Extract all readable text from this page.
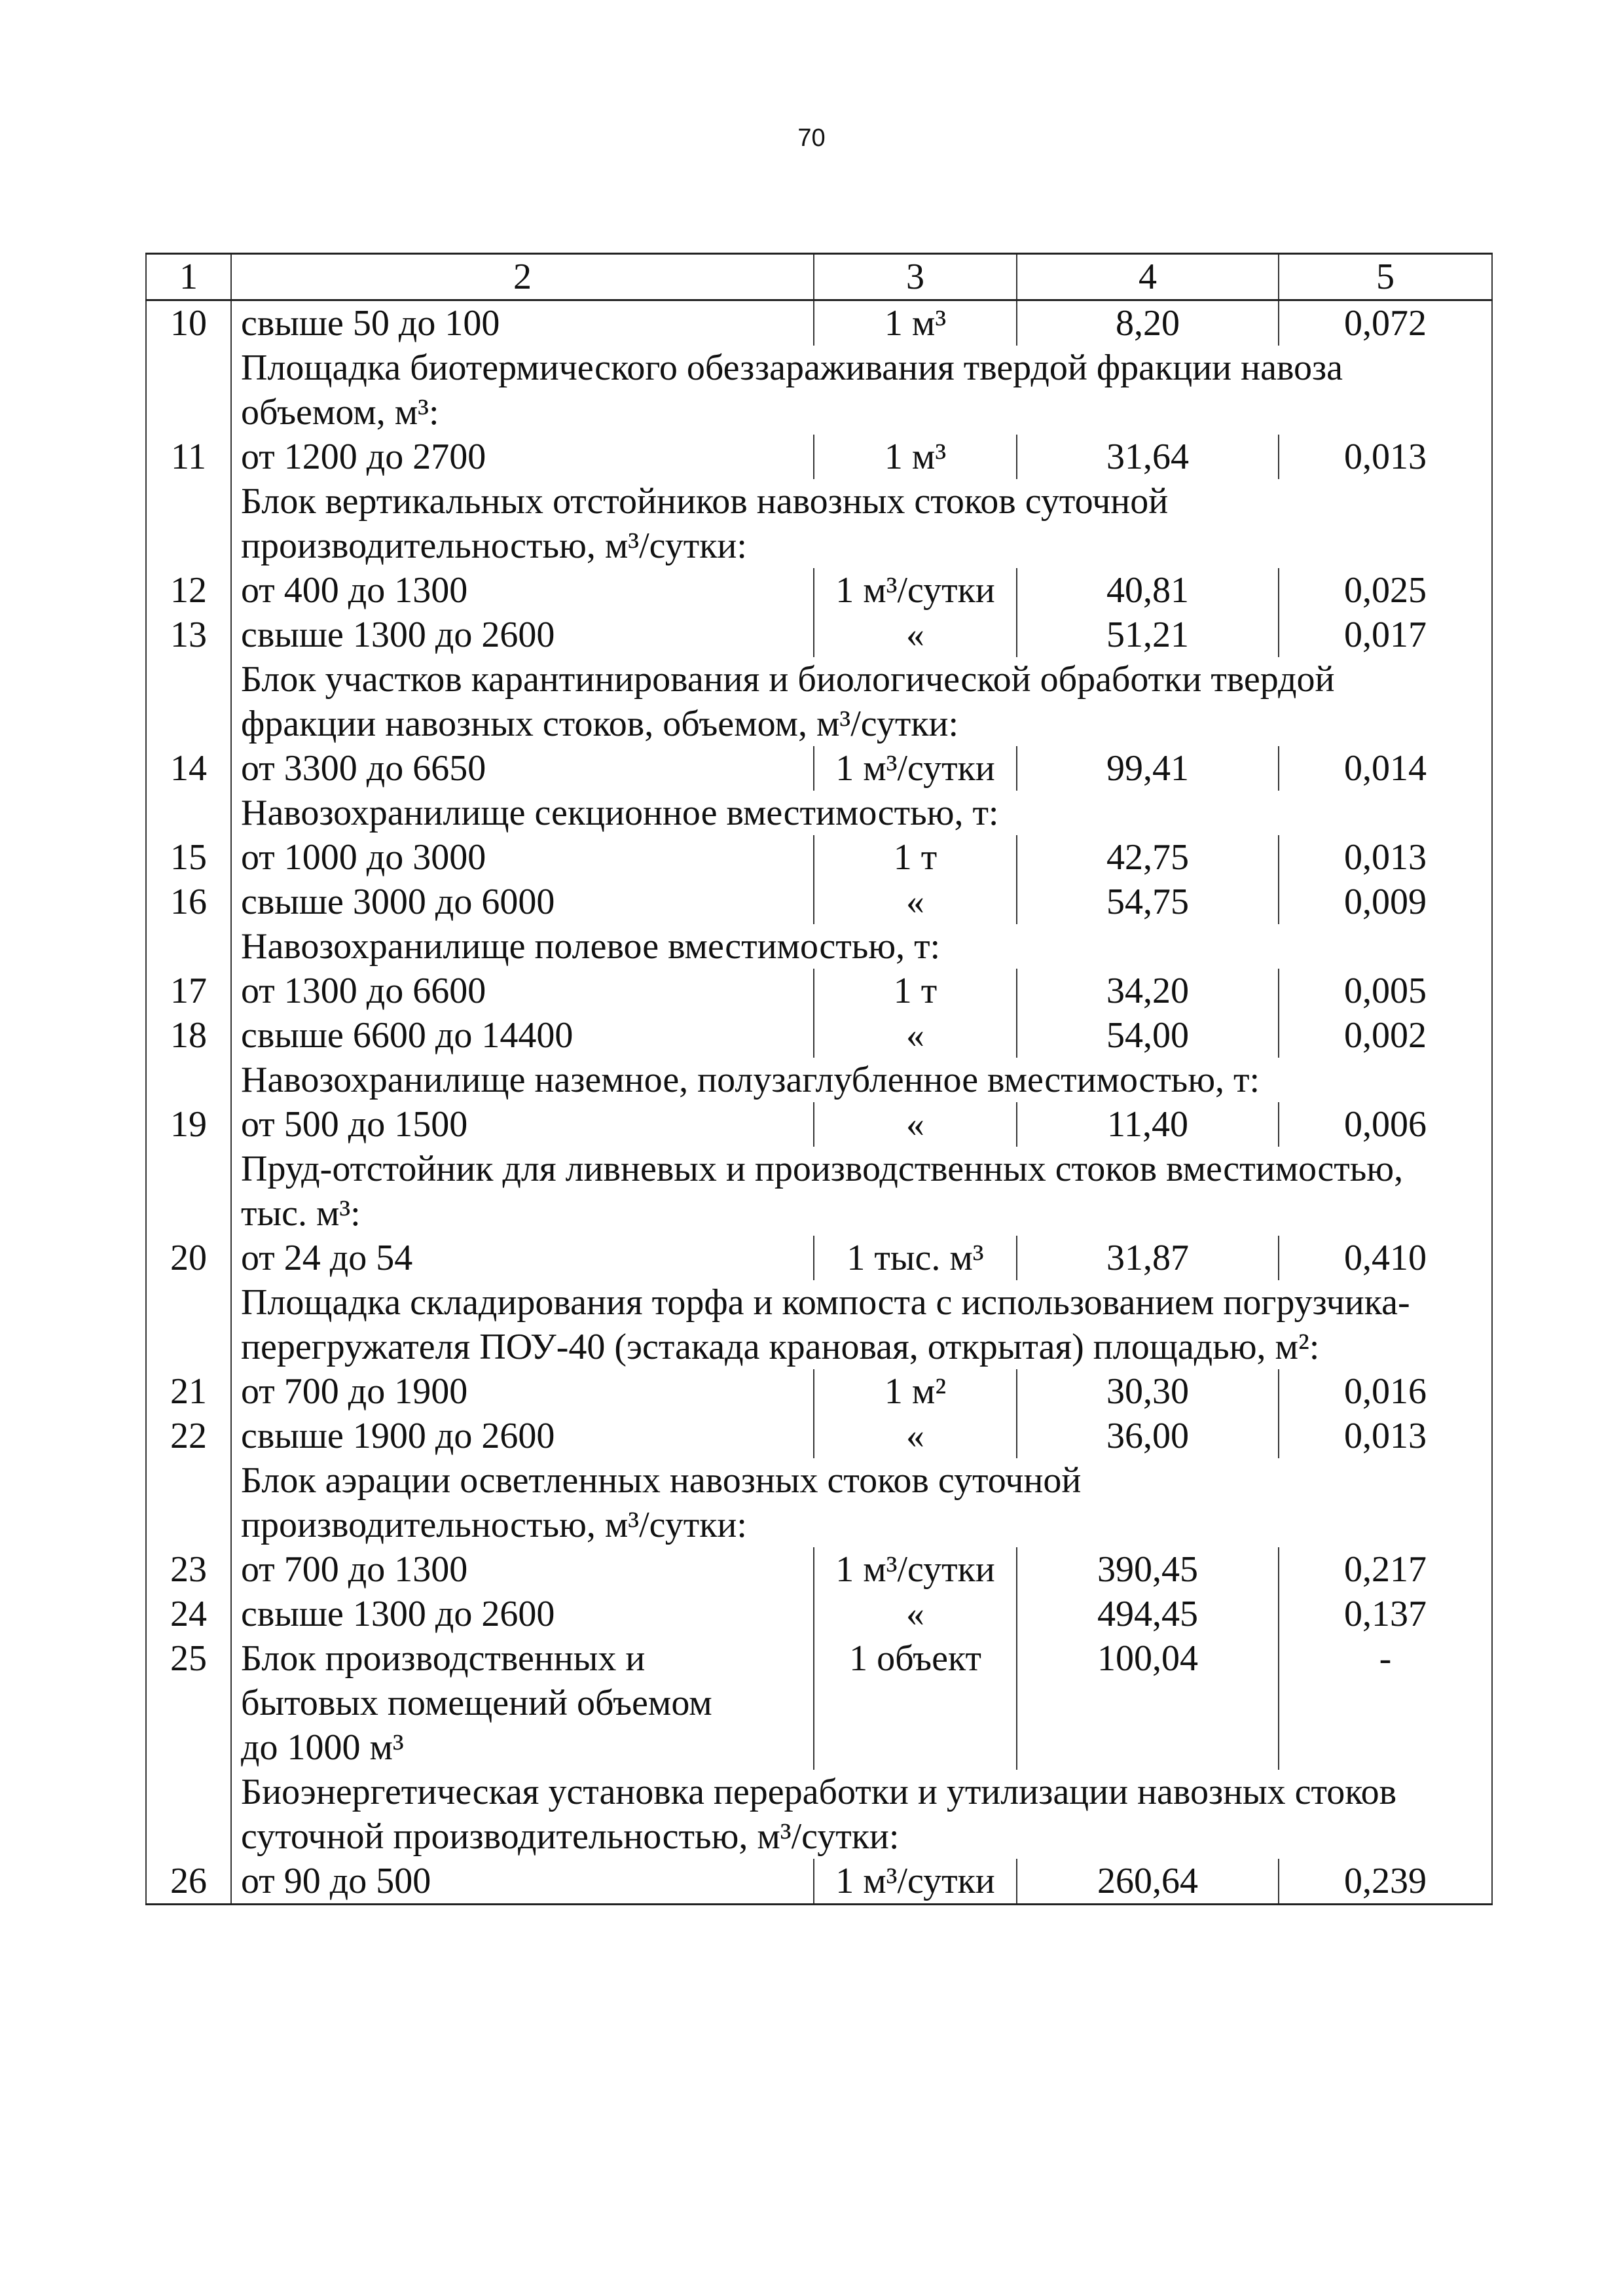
70
1	2	3	4	5
10	свыше 50 до 100	1 м³	8,20	0,072
	Площадка биотермического обеззараживания твердой фракции навоза
объемом, м³:			
11	от 1200 до 2700	1 м³	31,64	0,013
	Блок вертикальных отстойников навозных стоков суточной
производительностью, м³/сутки:			
12	от 400 до 1300	1 м³/сутки	40,81	0,025
13	свыше 1300 до 2600	«	51,21	0,017
	Блок участков карантинирования и биологической обработки твердой
фракции навозных стоков, объемом, м³/сутки:			
14	от 3300 до 6650	1 м³/сутки	99,41	0,014
	Навозохранилище секционное вместимостью, т:			
15	от 1000 до 3000	1 т	42,75	0,013
16	свыше 3000 до 6000	«	54,75	0,009
	Навозохранилище полевое вместимостью, т:			
17	от 1300 до 6600	1 т	34,20	0,005
18	свыше 6600 до 14400	«	54,00	0,002
	Навозохранилище наземное, полузаглубленное вместимостью, т:			
19	от 500 до 1500	«	11,40	0,006
	Пруд-отстойник для ливневых и производственных стоков вместимостью,
тыс. м³:			
20	от 24 до 54	1 тыс. м³	31,87	0,410
	Площадка складирования торфа и компоста с использованием погрузчика-
перегружателя ПОУ-40 (эстакада крановая, открытая) площадью, м²:			
21	от 700 до 1900	1 м²	30,30	0,016
22	свыше 1900 до 2600	«	36,00	0,013
	Блок аэрации осветленных навозных стоков суточной
производительностью, м³/сутки:			
23	от 700 до 1300	1 м³/сутки	390,45	0,217
24	свыше 1300 до 2600	«	494,45	0,137
25	Блок производственных и
бытовых помещений объемом
до 1000 м³	1 объект	100,04	-
	Биоэнергетическая установка переработки и утилизации навозных стоков
суточной производительностью, м³/сутки:			
26	от 90 до 500	1 м³/сутки	260,64	0,239
